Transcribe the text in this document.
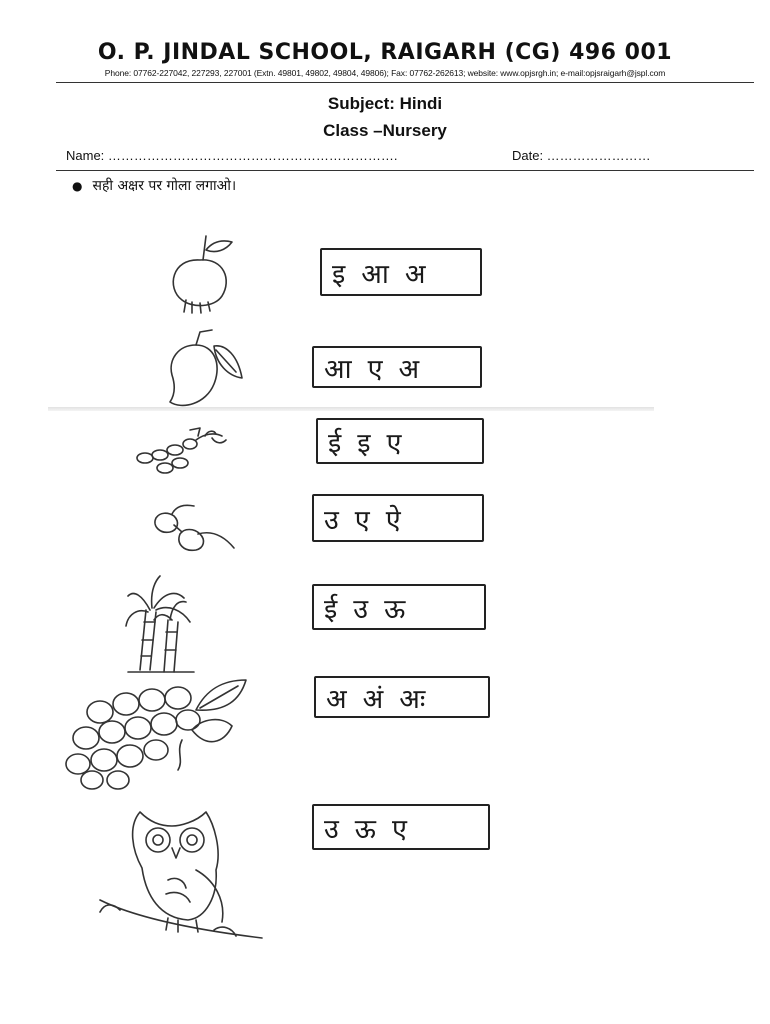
O. P. JINDAL SCHOOL, RAIGARH (CG) 496 001
Phone: 07762-227042, 227293, 227001 (Extn. 49801, 49802, 49804, 49806); Fax: 07762-262613; website: www.opjsrgh.in; e-mail:opjsraigarh@jspl.com
Subject: Hindi
Class –Nursery
Name: ………………………………………………………….	Date: ……………………
● सही अक्षर पर गोला लगाओ।
इ आ अ
आ ए अ
ई इ ए
उ ए ऐ
ई उ ऊ
अ अं अः
उ ऊ ए
